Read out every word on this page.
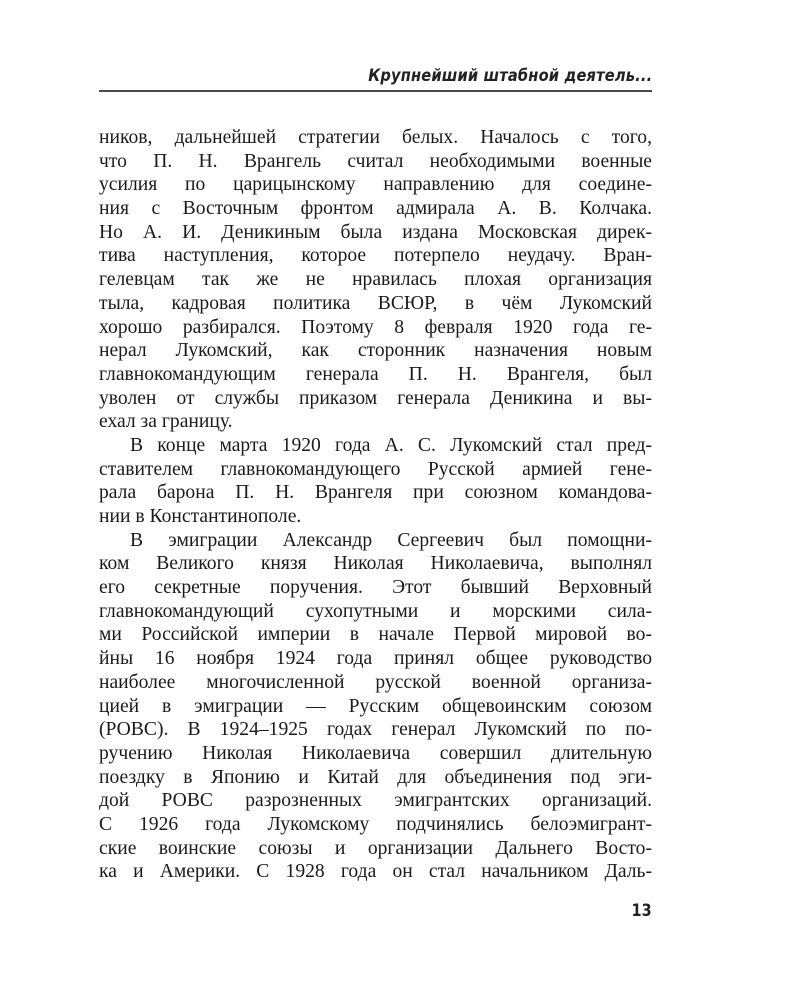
Крупнейший штабной деятель...
ников, дальнейшей стратегии белых. Началось с того,
что П. Н. Врангель считал необходимыми военные
усилия по царицынскому направлению для соедине-
ния с Восточным фронтом адмирала А. В. Колчака.
Но А. И. Деникиным была издана Московская дирек-
тива наступления, которое потерпело неудачу. Вран-
гелевцам так же не нравилась плохая организация
тыла, кадровая политика ВСЮР, в чём Лукомский
хорошо разбирался. Поэтому 8 февраля 1920 года ге-
нерал Лукомский, как сторонник назначения новым
главнокомандующим генерала П. Н. Врангеля, был
уволен от службы приказом генерала Деникина и вы-
ехал за границу.
В конце марта 1920 года А. С. Лукомский стал пред-
ставителем главнокомандующего Русской армией гене-
рала барона П. Н. Врангеля при союзном командова-
нии в Константинополе.
В эмиграции Александр Сергеевич был помощни-
ком Великого князя Николая Николаевича, выполнял
его секретные поручения. Этот бывший Верховный
главнокомандующий сухопутными и морскими сила-
ми Российской империи в начале Первой мировой во-
йны 16 ноября 1924 года принял общее руководство
наиболее многочисленной русской военной организа-
цией в эмиграции — Русским общевоинским союзом
(РОВС). В 1924–1925 годах генерал Лукомский по по-
ручению Николая Николаевича совершил длительную
поездку в Японию и Китай для объединения под эги-
дой РОВС разрозненных эмигрантских организаций.
С 1926 года Лукомскому подчинялись белоэмигрант-
ские воинские союзы и организации Дальнего Восто-
ка и Америки. С 1928 года он стал начальником Даль-
13
